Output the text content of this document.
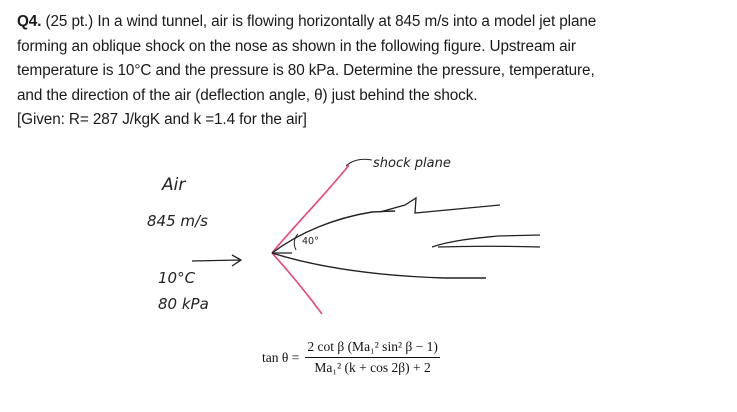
Q4. (25 pt.) In a wind tunnel, air is flowing horizontally at 845 m/s into a model jet plane
forming an oblique shock on the nose as shown in the following figure. Upstream air
temperature is 10°C and the pressure is 80 kPa. Determine the pressure, temperature,
and the direction of the air (deflection angle, θ) just behind the shock.
[Given: R= 287 J/kgK and k =1.4 for the air]
40°
Air
845 m/s
10°C
80 kPa
shock plane
$\tan \theta = \frac{\text{2 cot β (Ma₁² sin² β − 1)}}{\text{Ma₁² (k + cos 2β) + 2}}$
